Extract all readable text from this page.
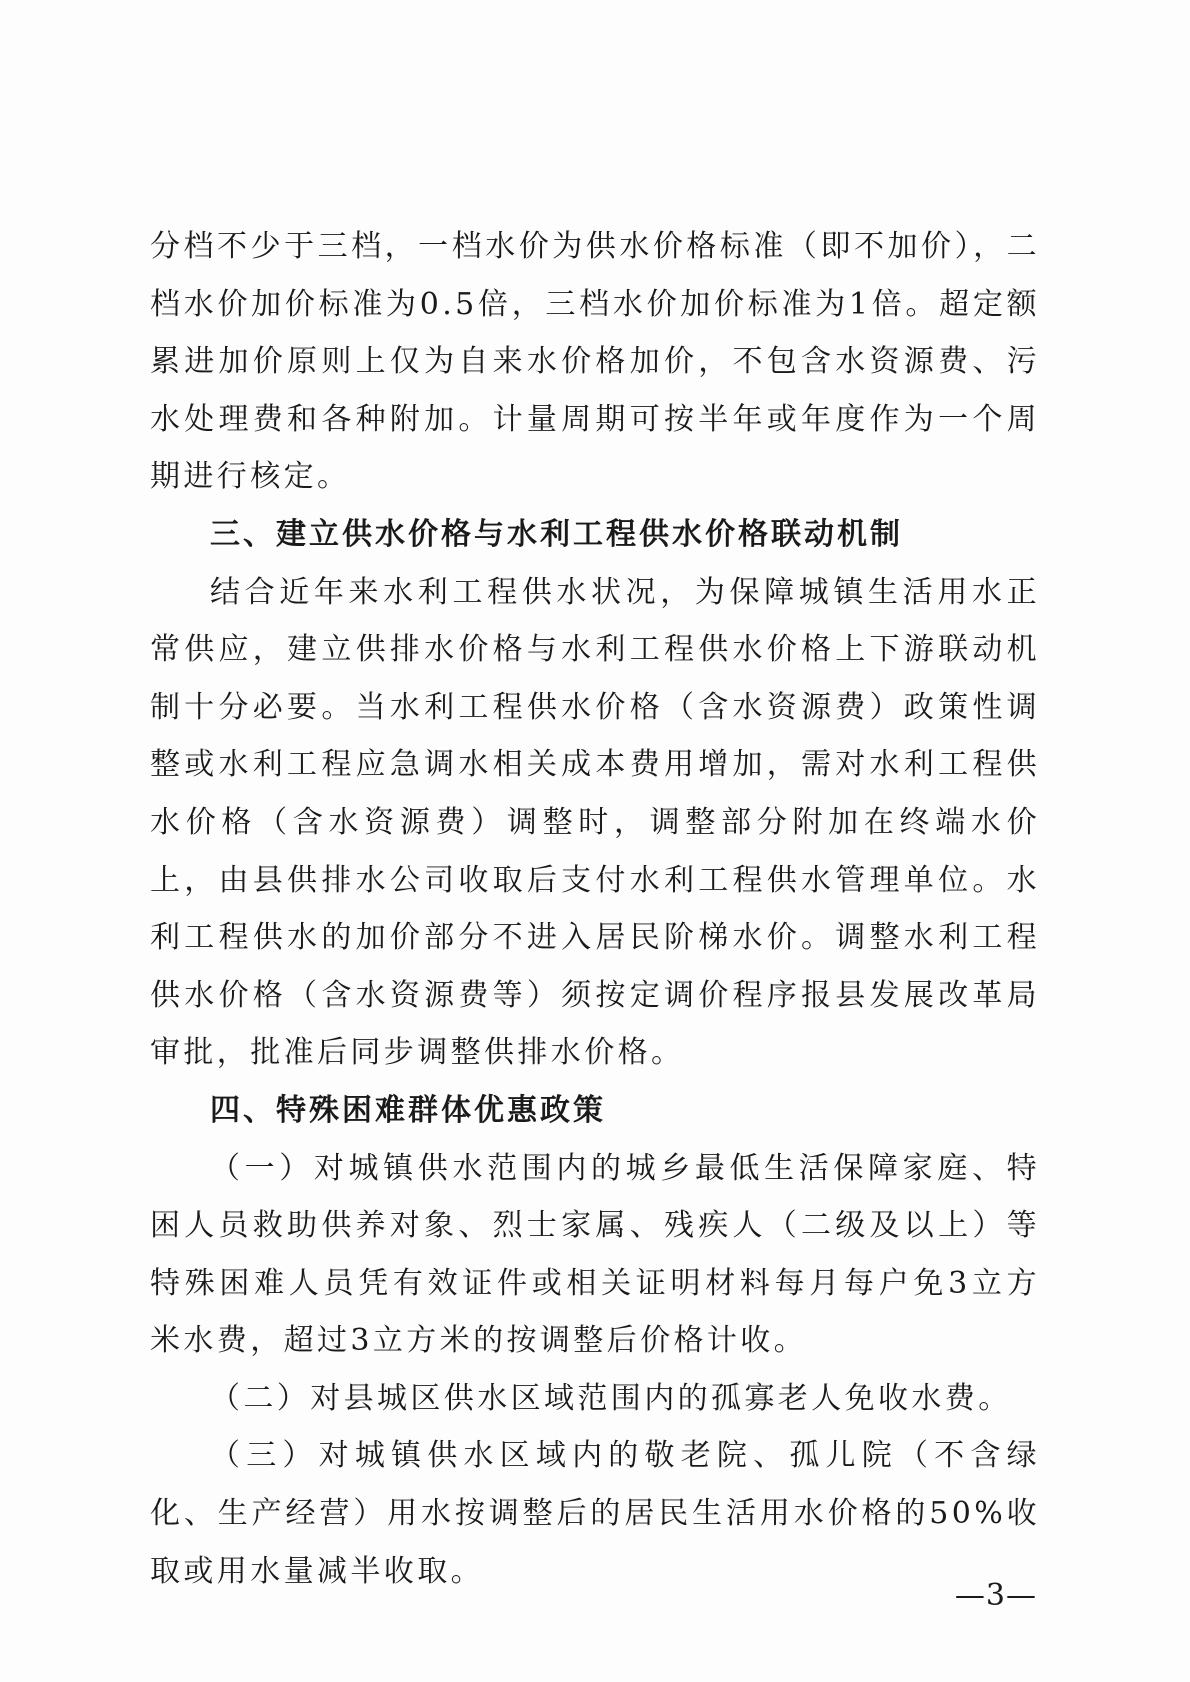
分档不少于三档，一档水价为供水价格标准（即不加价），二档水价加价标准为0.5倍，三档水价加价标准为1倍。超定额累进加价原则上仅为自来水价格加价，不包含水资源费、污水处理费和各种附加。计量周期可按半年或年度作为一个周期进行核定。

三、建立供水价格与水利工程供水价格联动机制

结合近年来水利工程供水状况，为保障城镇生活用水正常供应，建立供排水价格与水利工程供水价格上下游联动机制十分必要。当水利工程供水价格（含水资源费）政策性调整或水利工程应急调水相关成本费用增加，需对水利工程供水价格（含水资源费）调整时，调整部分附加在终端水价上，由县供排水公司收取后支付水利工程供水管理单位。水利工程供水的加价部分不进入居民阶梯水价。调整水利工程供水价格（含水资源费等）须按定调价程序报县发展改革局审批，批准后同步调整供排水价格。

四、特殊困难群体优惠政策

（一）对城镇供水范围内的城乡最低生活保障家庭、特困人员救助供养对象、烈士家属、残疾人（二级及以上）等特殊困难人员凭有效证件或相关证明材料每月每户免3立方米水费，超过3立方米的按调整后价格计收。

（二）对县城区供水区域范围内的孤寡老人免收水费。

（三）对城镇供水区域内的敬老院、孤儿院（不含绿化、生产经营）用水按调整后的居民生活用水价格的50%收取或用水量减半收取。

—3—
